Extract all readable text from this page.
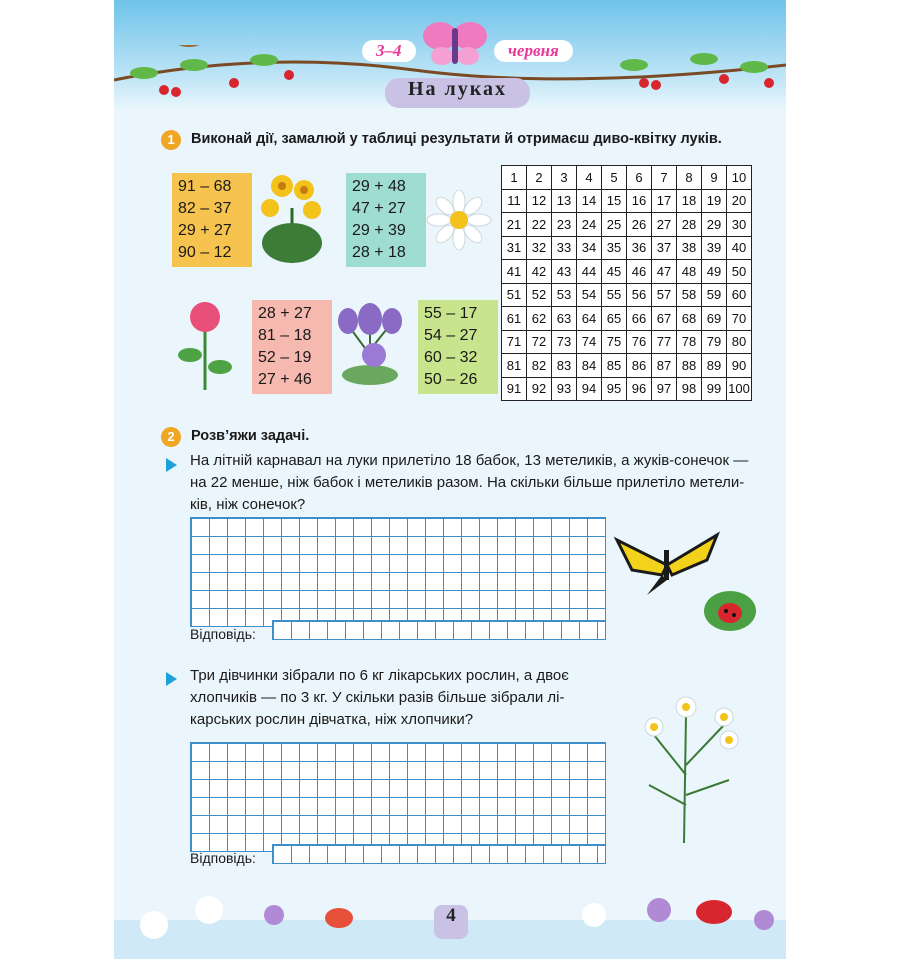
3–4	червня
На луках
1	Виконай дії, замалюй у таблиці результати й отримаєш диво-квітку луків.
91 – 68
82 – 37
29 + 27
90 – 12
29 + 48
47 + 27
29 + 39
28 + 18
28 + 27
81 – 18
52 – 19
27 + 46
55 – 17
54 – 27
60 – 32
50 – 26
1	2	3	4	5	6	7	8	9	10
11	12	13	14	15	16	17	18	19	20
21	22	23	24	25	26	27	28	29	30
31	32	33	34	35	36	37	38	39	40
41	42	43	44	45	46	47	48	49	50
51	52	53	54	55	56	57	58	59	60
61	62	63	64	65	66	67	68	69	70
71	72	73	74	75	76	77	78	79	80
81	82	83	84	85	86	87	88	89	90
91	92	93	94	95	96	97	98	99	100
2	Розв’яжи задачі.
На літній карнавал на луки прилетіло 18 бабок, 13 метеликів, а жуків-сонечок —
на 22 менше, ніж бабок і метеликів разом. На скільки більше прилетіло метели-
ків, ніж сонечок?
Відповідь:
Три дівчинки зібрали по 6 кг лікарських рослин, а двоє
хлопчиків — по 3 кг. У скільки разів більше зібрали лі-
карських рослин дівчатка, ніж хлопчики?
Відповідь:
4
